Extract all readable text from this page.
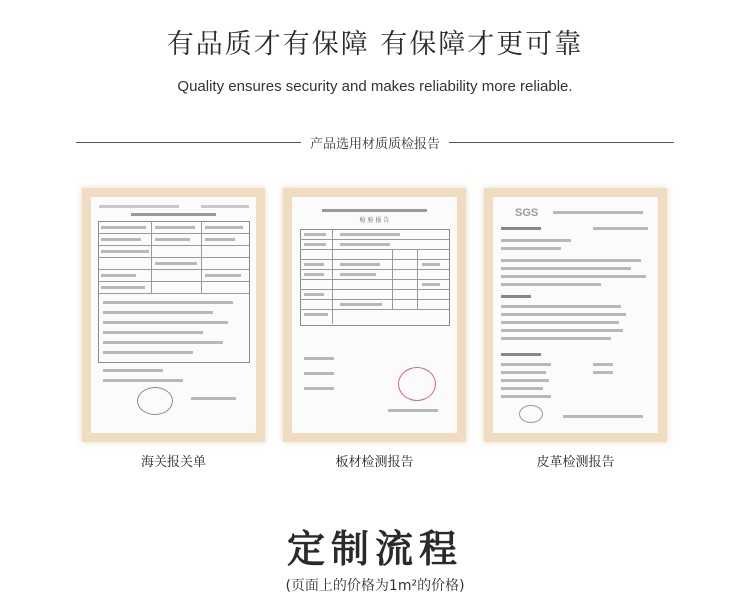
有品质才有保障 有保障才更可靠
Quality ensures security and makes reliability more reliable.
产品选用材质质检报告
海关报关单
检 验 报 告
板材检测报告
SGS
皮革检测报告
定制流程
(页面上的价格为1m²的价格)
